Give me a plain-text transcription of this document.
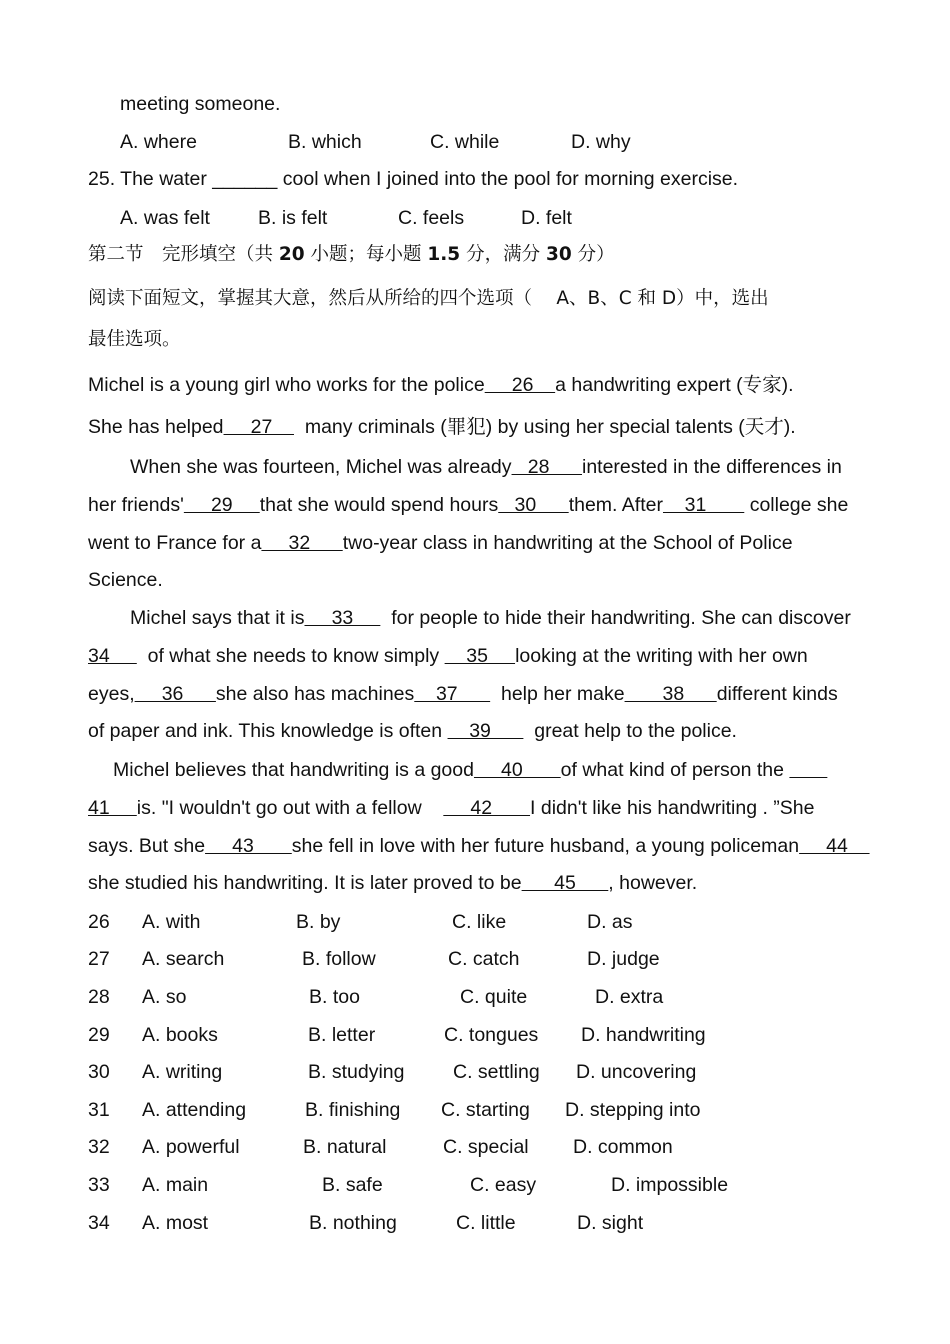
meeting someone.
A. where	B. which	C. while	D. why
25. The water ______ cool when I joined into the pool for morning exercise.
A. was felt B. is felt	C. feels	D. felt
第二节　完形填空（共 20 小题；每小题 1.5 分，满分 30 分）
阅读下面短文，掌握其大意，然后从所给的四个选项（　 A、B、C 和 D）中，选出
最佳选项。
Michel is a young girl who works for the police     26    a handwriting expert (专家).
She has helped     27      many criminals (罪犯) by using her special talents (天才).
When she was fourteen, Michel was already   28      interested in the differences in
her friends'     29     that she would spend hours   30      them. After    31        college she
went to France for a     32      two-year class in handwriting at the School of Police
Science.
Michel says that it is     33       for people to hide their handwriting. She can discover
34       of what she needs to know simply     35     looking at the writing with her own
eyes,     36      she also has machines    37        help her make       38      different kinds
of paper and ink. This knowledge is often     39        great help to the police.
Michel believes that handwriting is a good     40       of what kind of person the
41     is. "I wouldn't go out with a fellow         42       I didn't like his handwriting . ”She
says. But she     43       she fell in love with her future husband, a young policeman     44
she studied his handwriting. It is later proved to be      45      , however.
26 A. with	B. by	C. like	D. as
27 A. search	B. follow	C. catch	D. judge
28 A. so	B. too	C. quite	D. extra
29 A. books	B. letter	C. tongues D. handwriting
30 A. writing	B. studying C. settling D. uncovering
31 A. attending	B. finishing C. starting D. stepping into
32 A. powerful	B. natural	C. special D. common
33 A. main	B. safe	C. easy	D. impossible
34 A. most	B. nothing	C. little	D. sight
